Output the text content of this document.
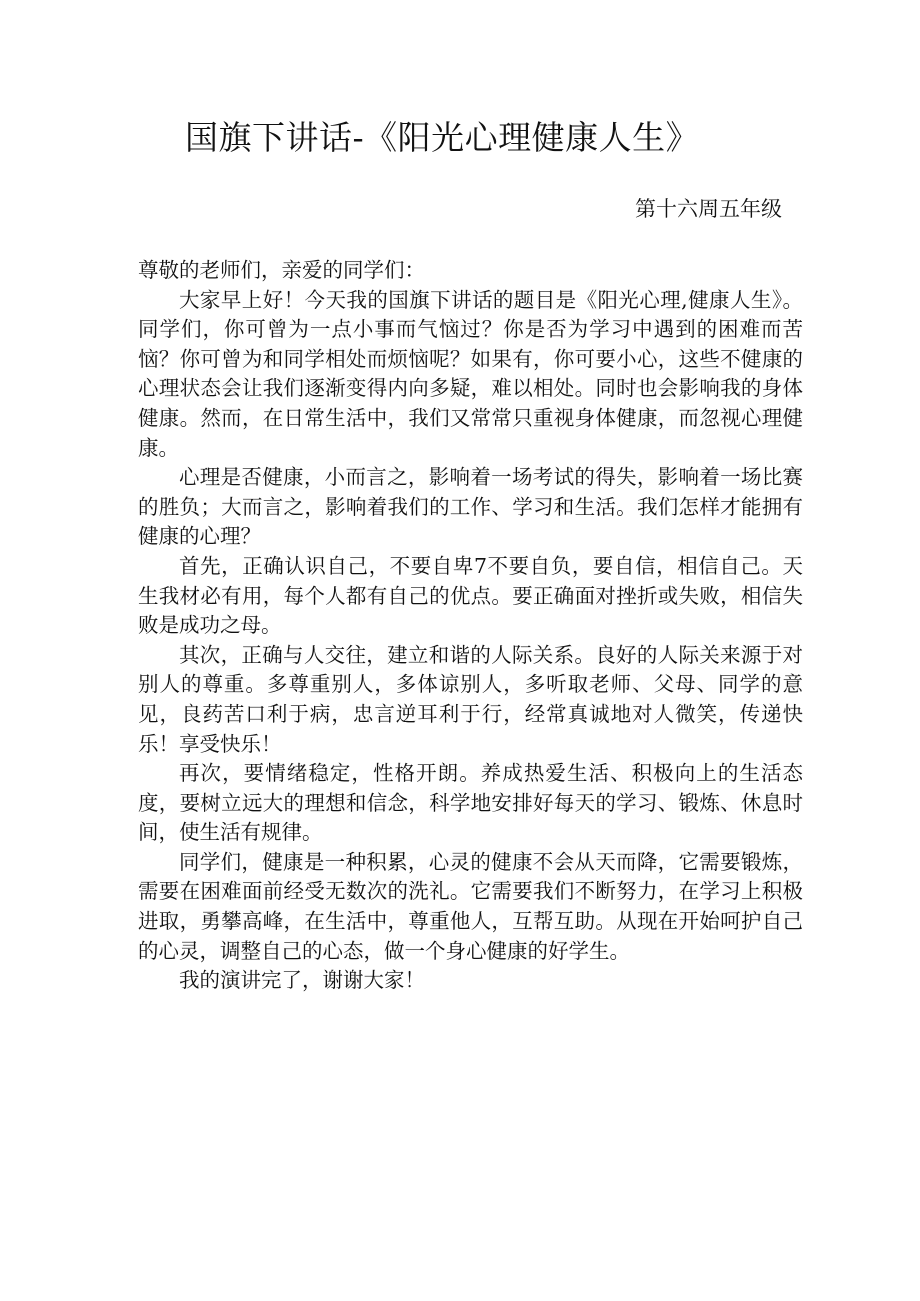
国旗下讲话-《阳光心理健康人生》
第十六周五年级

尊敬的老师们，亲爱的同学们：

大家早上好！今天我的国旗下讲话的题目是《阳光心理,健康人生》。同学们，你可曾为一点小事而气恼过？你是否为学习中遇到的困难而苦恼？你可曾为和同学相处而烦恼呢？如果有，你可要小心，这些不健康的心理状态会让我们逐渐变得内向多疑，难以相处。同时也会影响我的身体健康。然而，在日常生活中，我们又常常只重视身体健康，而忽视心理健康。

心理是否健康，小而言之，影响着一场考试的得失，影响着一场比赛的胜负；大而言之，影响着我们的工作、学习和生活。我们怎样才能拥有健康的心理？

首先，正确认识自己，不要自卑7不要自负，要自信，相信自己。天生我材必有用，每个人都有自己的优点。要正确面对挫折或失败，相信失败是成功之母。

其次，正确与人交往，建立和谐的人际关系。良好的人际关来源于对别人的尊重。多尊重别人，多体谅别人，多听取老师、父母、同学的意见，良药苦口利于病，忠言逆耳利于行，经常真诚地对人微笑，传递快乐！享受快乐！

再次，要情绪稳定，性格开朗。养成热爱生活、积极向上的生活态度，要树立远大的理想和信念，科学地安排好每天的学习、锻炼、休息时间，使生活有规律。

同学们，健康是一种积累，心灵的健康不会从天而降，它需要锻炼，需要在困难面前经受无数次的洗礼。它需要我们不断努力，在学习上积极进取，勇攀高峰，在生活中，尊重他人，互帮互助。从现在开始呵护自己的心灵，调整自己的心态，做一个身心健康的好学生。

我的演讲完了，谢谢大家！
